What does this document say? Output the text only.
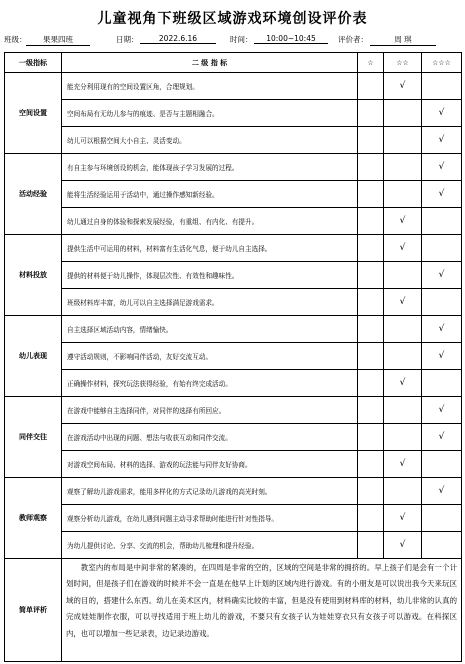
儿童视角下班级区域游戏环境创设评价表
班级：	果果四班	日期：	2022.6.16	时间：	10:00~10:45	评价者：	周 琪
一级指标	二 级 指 标	☆	☆☆	☆☆☆
空间设置	能充分利用现有的空间设置区角，合理规划。		√	
	空间布局有无幼儿参与的痕迹、是否与主题相融合。			√
	幼儿可以根据空间大小自主、灵活变动。			√
活动经验	有自主参与环境创设的机会，能体现孩子学习发展的过程。			√
	能将生活经验运用于活动中，通过操作感知新经验。			√
	幼儿通过自身的体验和探索发展经验，有重组、有内化、有提升。		√	
材料投放	提供生活中可运用的材料，材料富有生活化气息，便于幼儿自主选择。		√	
	提供的材料便于幼儿操作，体现层次性、有效性和趣味性。			√
	班级材料库丰富，幼儿可以自主选择满足游戏需求。		√	
幼儿表现	自主选择区域活动内容，情绪愉快。			√
	遵守活动规则，不影响同伴活动，友好交流互动。			√
	正确操作材料，探究玩法获得经验，有始有终完成活动。		√	
同伴交往	在游戏中能够自主选择同伴，对同伴的选择有所回应。			√
	在游戏活动中出现的问题、想法与收获互动和同伴交流。			√
	对游戏空间布局、材料的选择、游戏的玩法能与同伴友好协商。		√	
教师观察	观察了解幼儿游戏需求，能用多样化的方式记录幼儿游戏的高光时刻。			√
	观察分析幼儿游戏，在幼儿遇到问题主动寻求帮助时能进行针对性指导。		√	
	为幼儿提供讨论、分享、交流的机会，帮助幼儿梳理和提升经验。		√	
简单评析	教室内的布局是中间非常的紧凑的，在四周是非常的空的，区域的空间是非常的拥挤的。早上孩子们是会有一个计划时间，但是孩子们在游戏的时候并不会一直是在他早上计划的区域内进行游戏。有的小朋友是可以说出我今天来玩区域的目的，搭建什么东西。幼儿在美术区内，材料确实比较的丰富，但是没有使用到材料库的材料，幼儿非常的认真的完成娃娃制作衣服，可以寻找适用于班上幼儿的游戏，不要只有女孩子认为娃娃穿衣只有女孩子可以游戏。在科探区内，也可以增加一些记录表，边记录边游戏。			
